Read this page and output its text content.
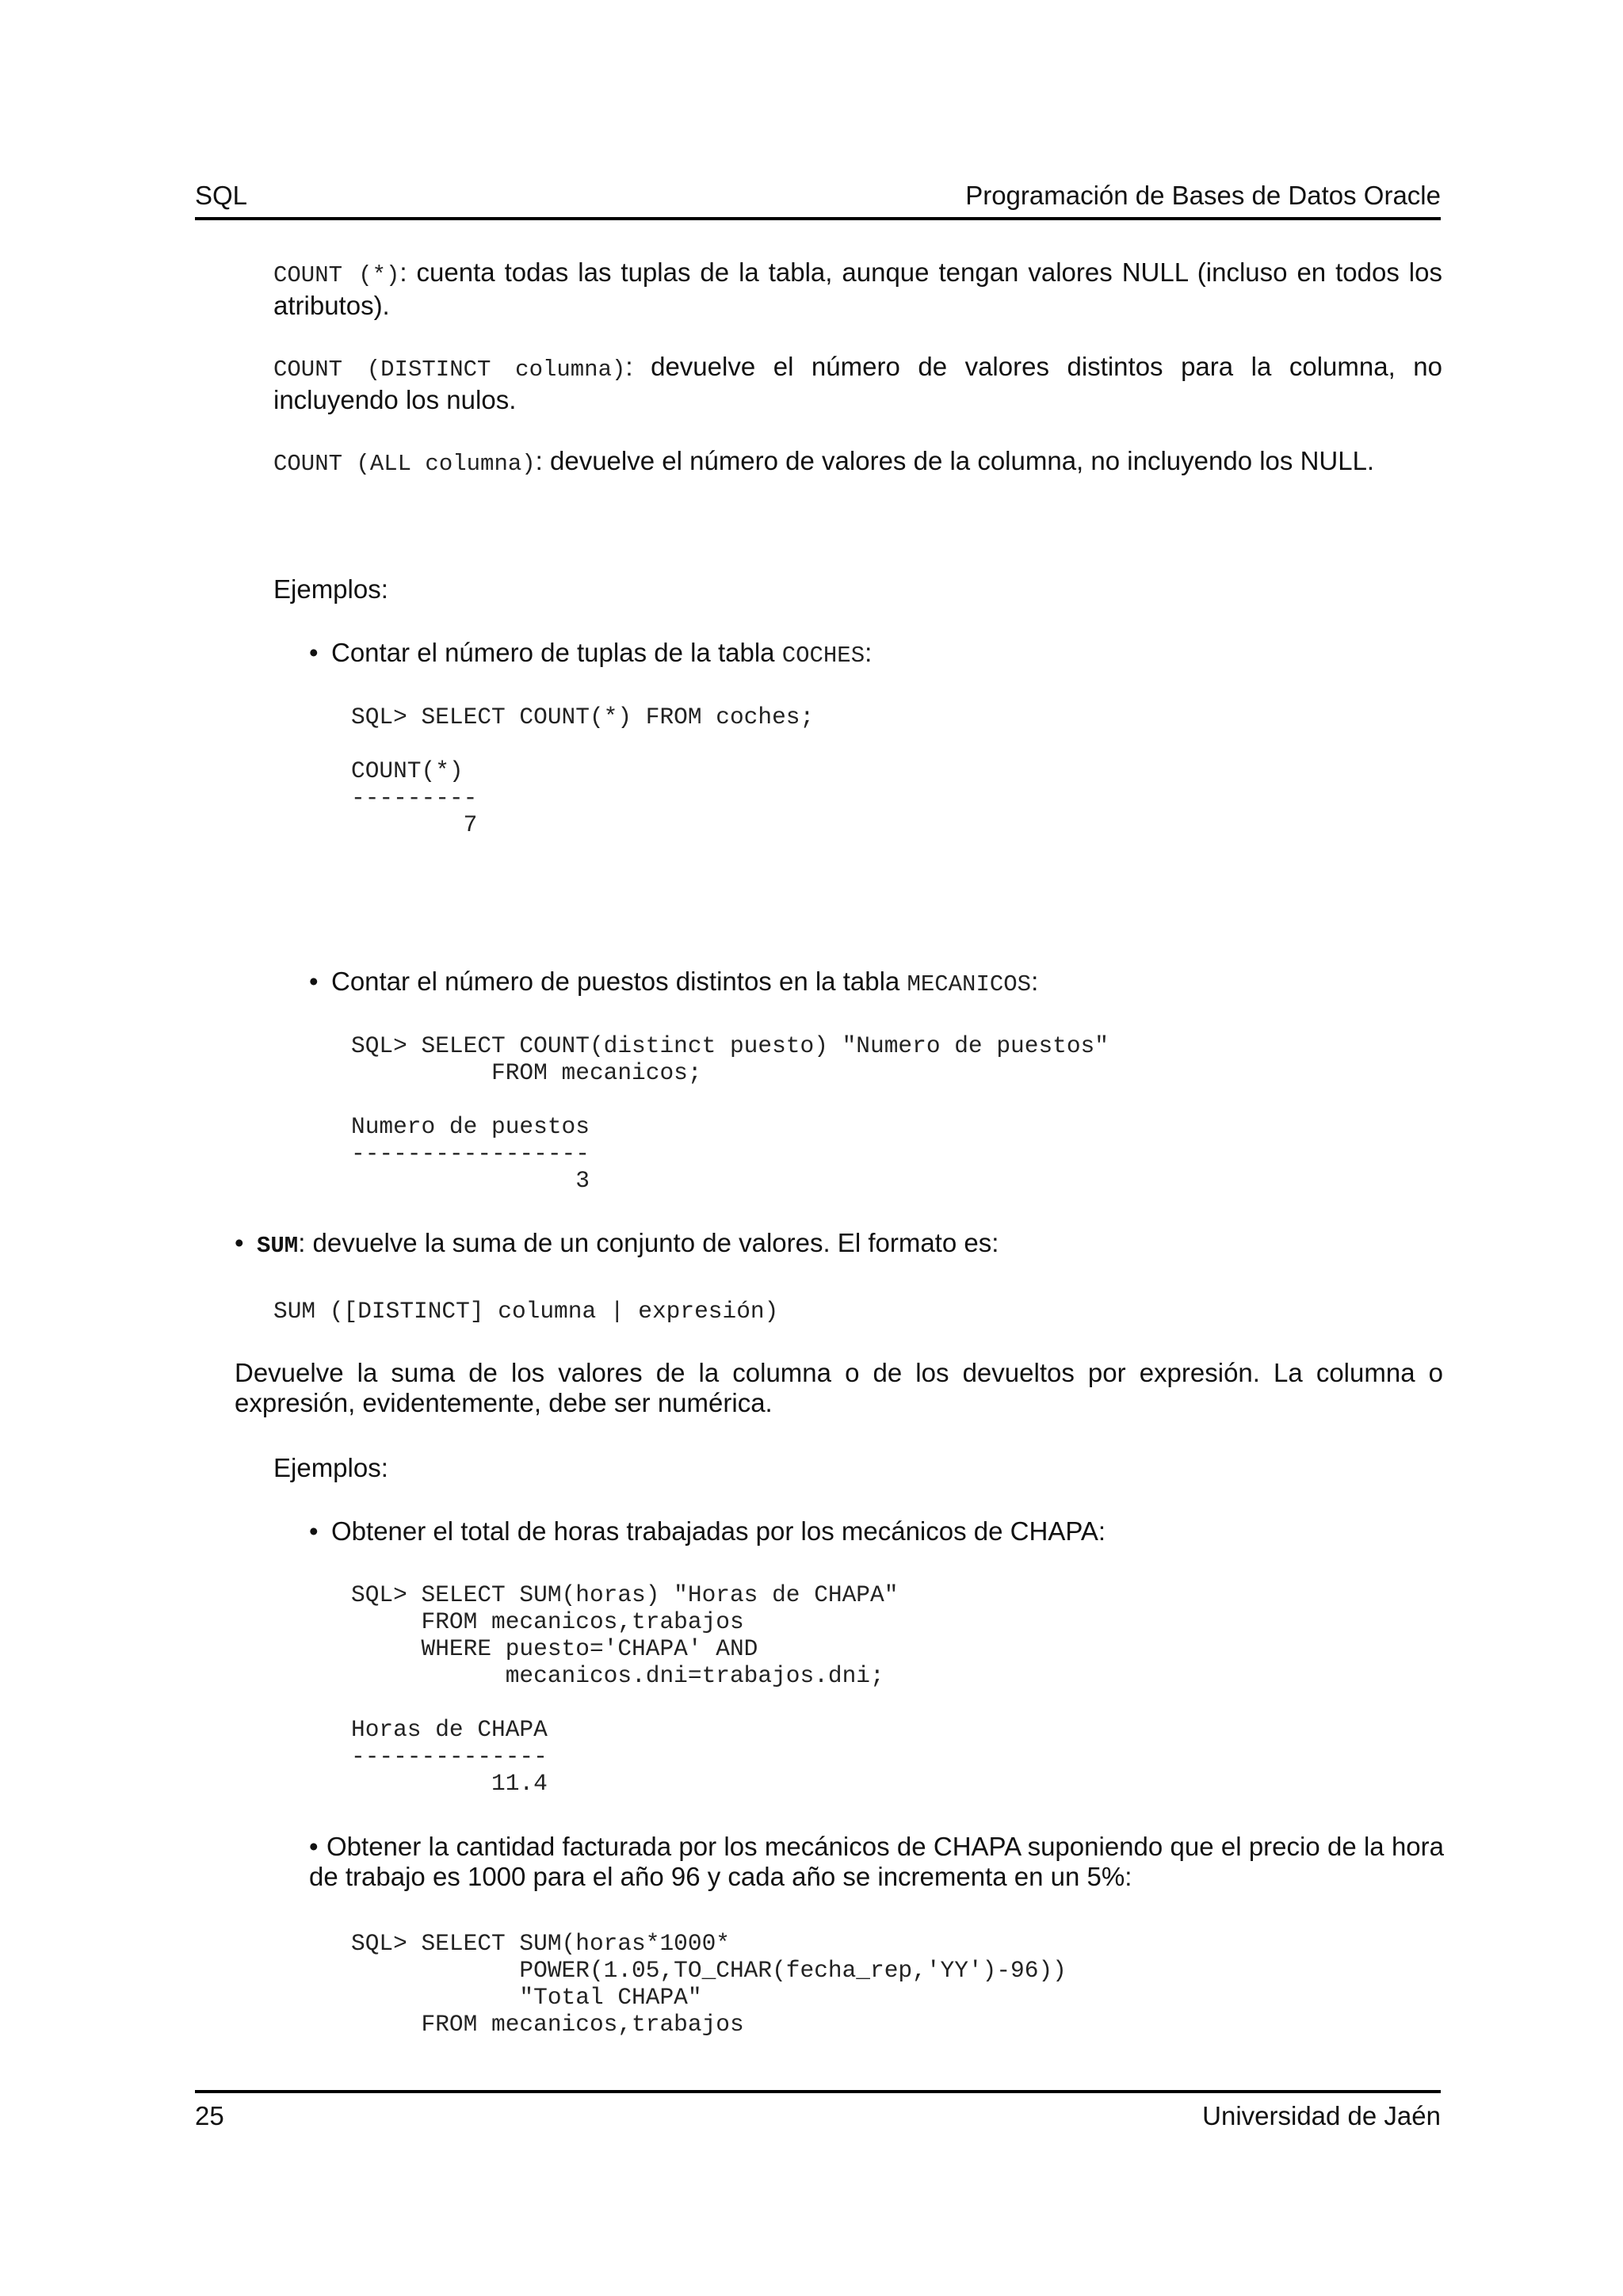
SQL	Programación de Bases de Datos Oracle

COUNT (*): cuenta todas las tuplas de la tabla, aunque tengan valores NULL (incluso en todos los atributos).

COUNT (DISTINCT columna): devuelve el número de valores distintos para la columna, no incluyendo los nulos.

COUNT (ALL columna): devuelve el número de valores de la columna, no incluyendo los NULL.

Ejemplos:
• Contar el número de tuplas de la tabla COCHES:
SQL> SELECT COUNT(*) FROM coches;
COUNT(*)
---------
7
• Contar el número de puestos distintos en la tabla MECANICOS:
SQL> SELECT COUNT(distinct puesto) "Numero de puestos"
FROM mecanicos;
Numero de puestos
-----------------
3
• SUM: devuelve la suma de un conjunto de valores. El formato es:
SUM ([DISTINCT] columna | expresión)

Devuelve la suma de los valores de la columna o de los devueltos por expresión. La columna o expresión, evidentemente, debe ser numérica.

Ejemplos:
• Obtener el total de horas trabajadas por los mecánicos de CHAPA:
SQL> SELECT SUM(horas) "Horas de CHAPA"
FROM mecanicos,trabajos
WHERE puesto='CHAPA' AND
mecanicos.dni=trabajos.dni;
Horas de CHAPA
--------------
11.4

• Obtener la cantidad facturada por los mecánicos de CHAPA suponiendo que el precio de la hora de trabajo es 1000 para el año 96 y cada año se incrementa en un 5%:

SQL> SELECT SUM(horas*1000*
POWER(1.05,TO_CHAR(fecha_rep,'YY')-96))
"Total CHAPA"
FROM mecanicos,trabajos
25	Universidad de Jaén
